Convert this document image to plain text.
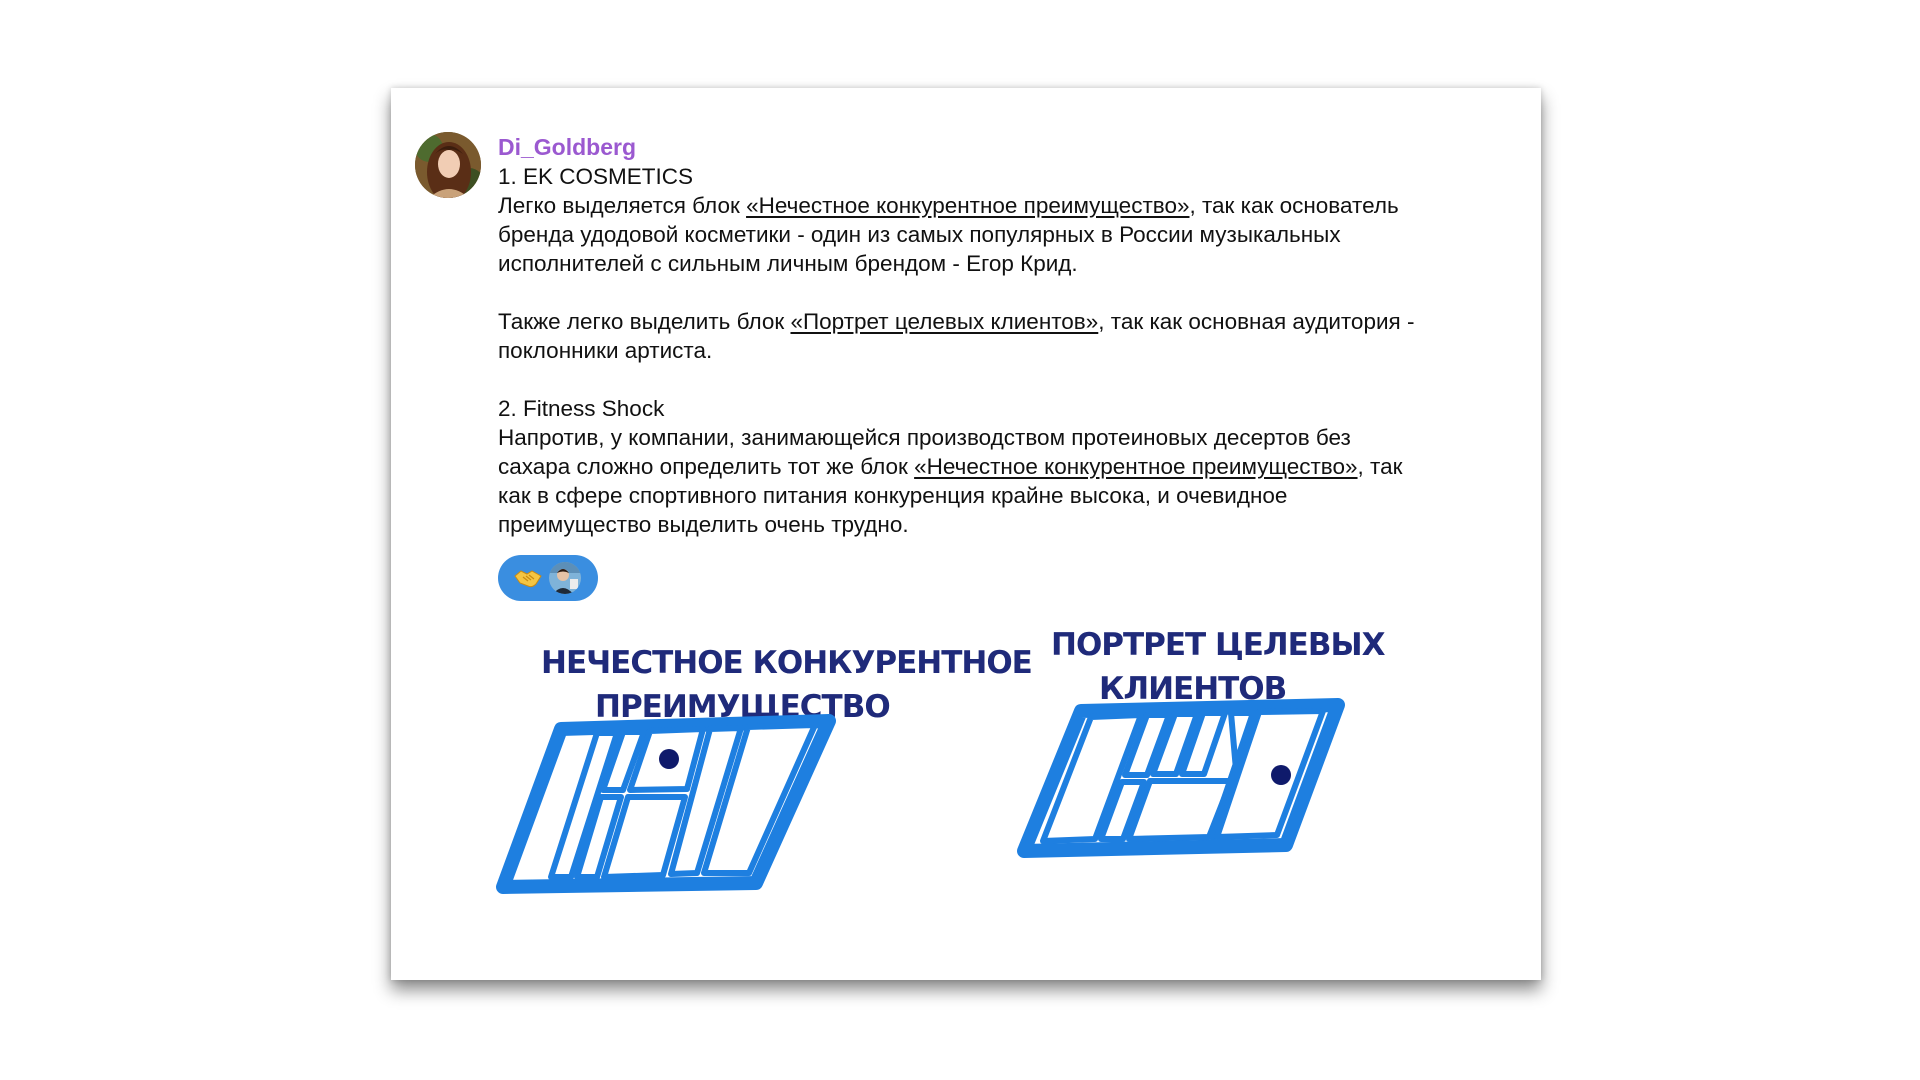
Di_Goldberg
1. EK COSMETICS
Легко выделяется блок «Нечестное конкурентное преимущество», так как основатель
бренда удодовой косметики - один из самых популярных в России музыкальных
исполнителей с сильным личным брендом - Егор Крид.
Также легко выделить блок «Портрет целевых клиентов», так как основная аудитория -
поклонники артиста.
2. Fitness Shock
Напротив, у компании, занимающейся производством протеиновых десертов без
сахара сложно определить тот же блок «Нечестное конкурентное преимущество», так
как в сфере спортивного питания конкуренция крайне высока, и очевидное
преимущество выделить очень трудно.
НЕЧЕСТНОЕ КОНКУРЕНТНОЕ
ПРЕИМУЩЕСТВО
ПОРТРЕТ ЦЕЛЕВЫХ
КЛИЕНТОВ
